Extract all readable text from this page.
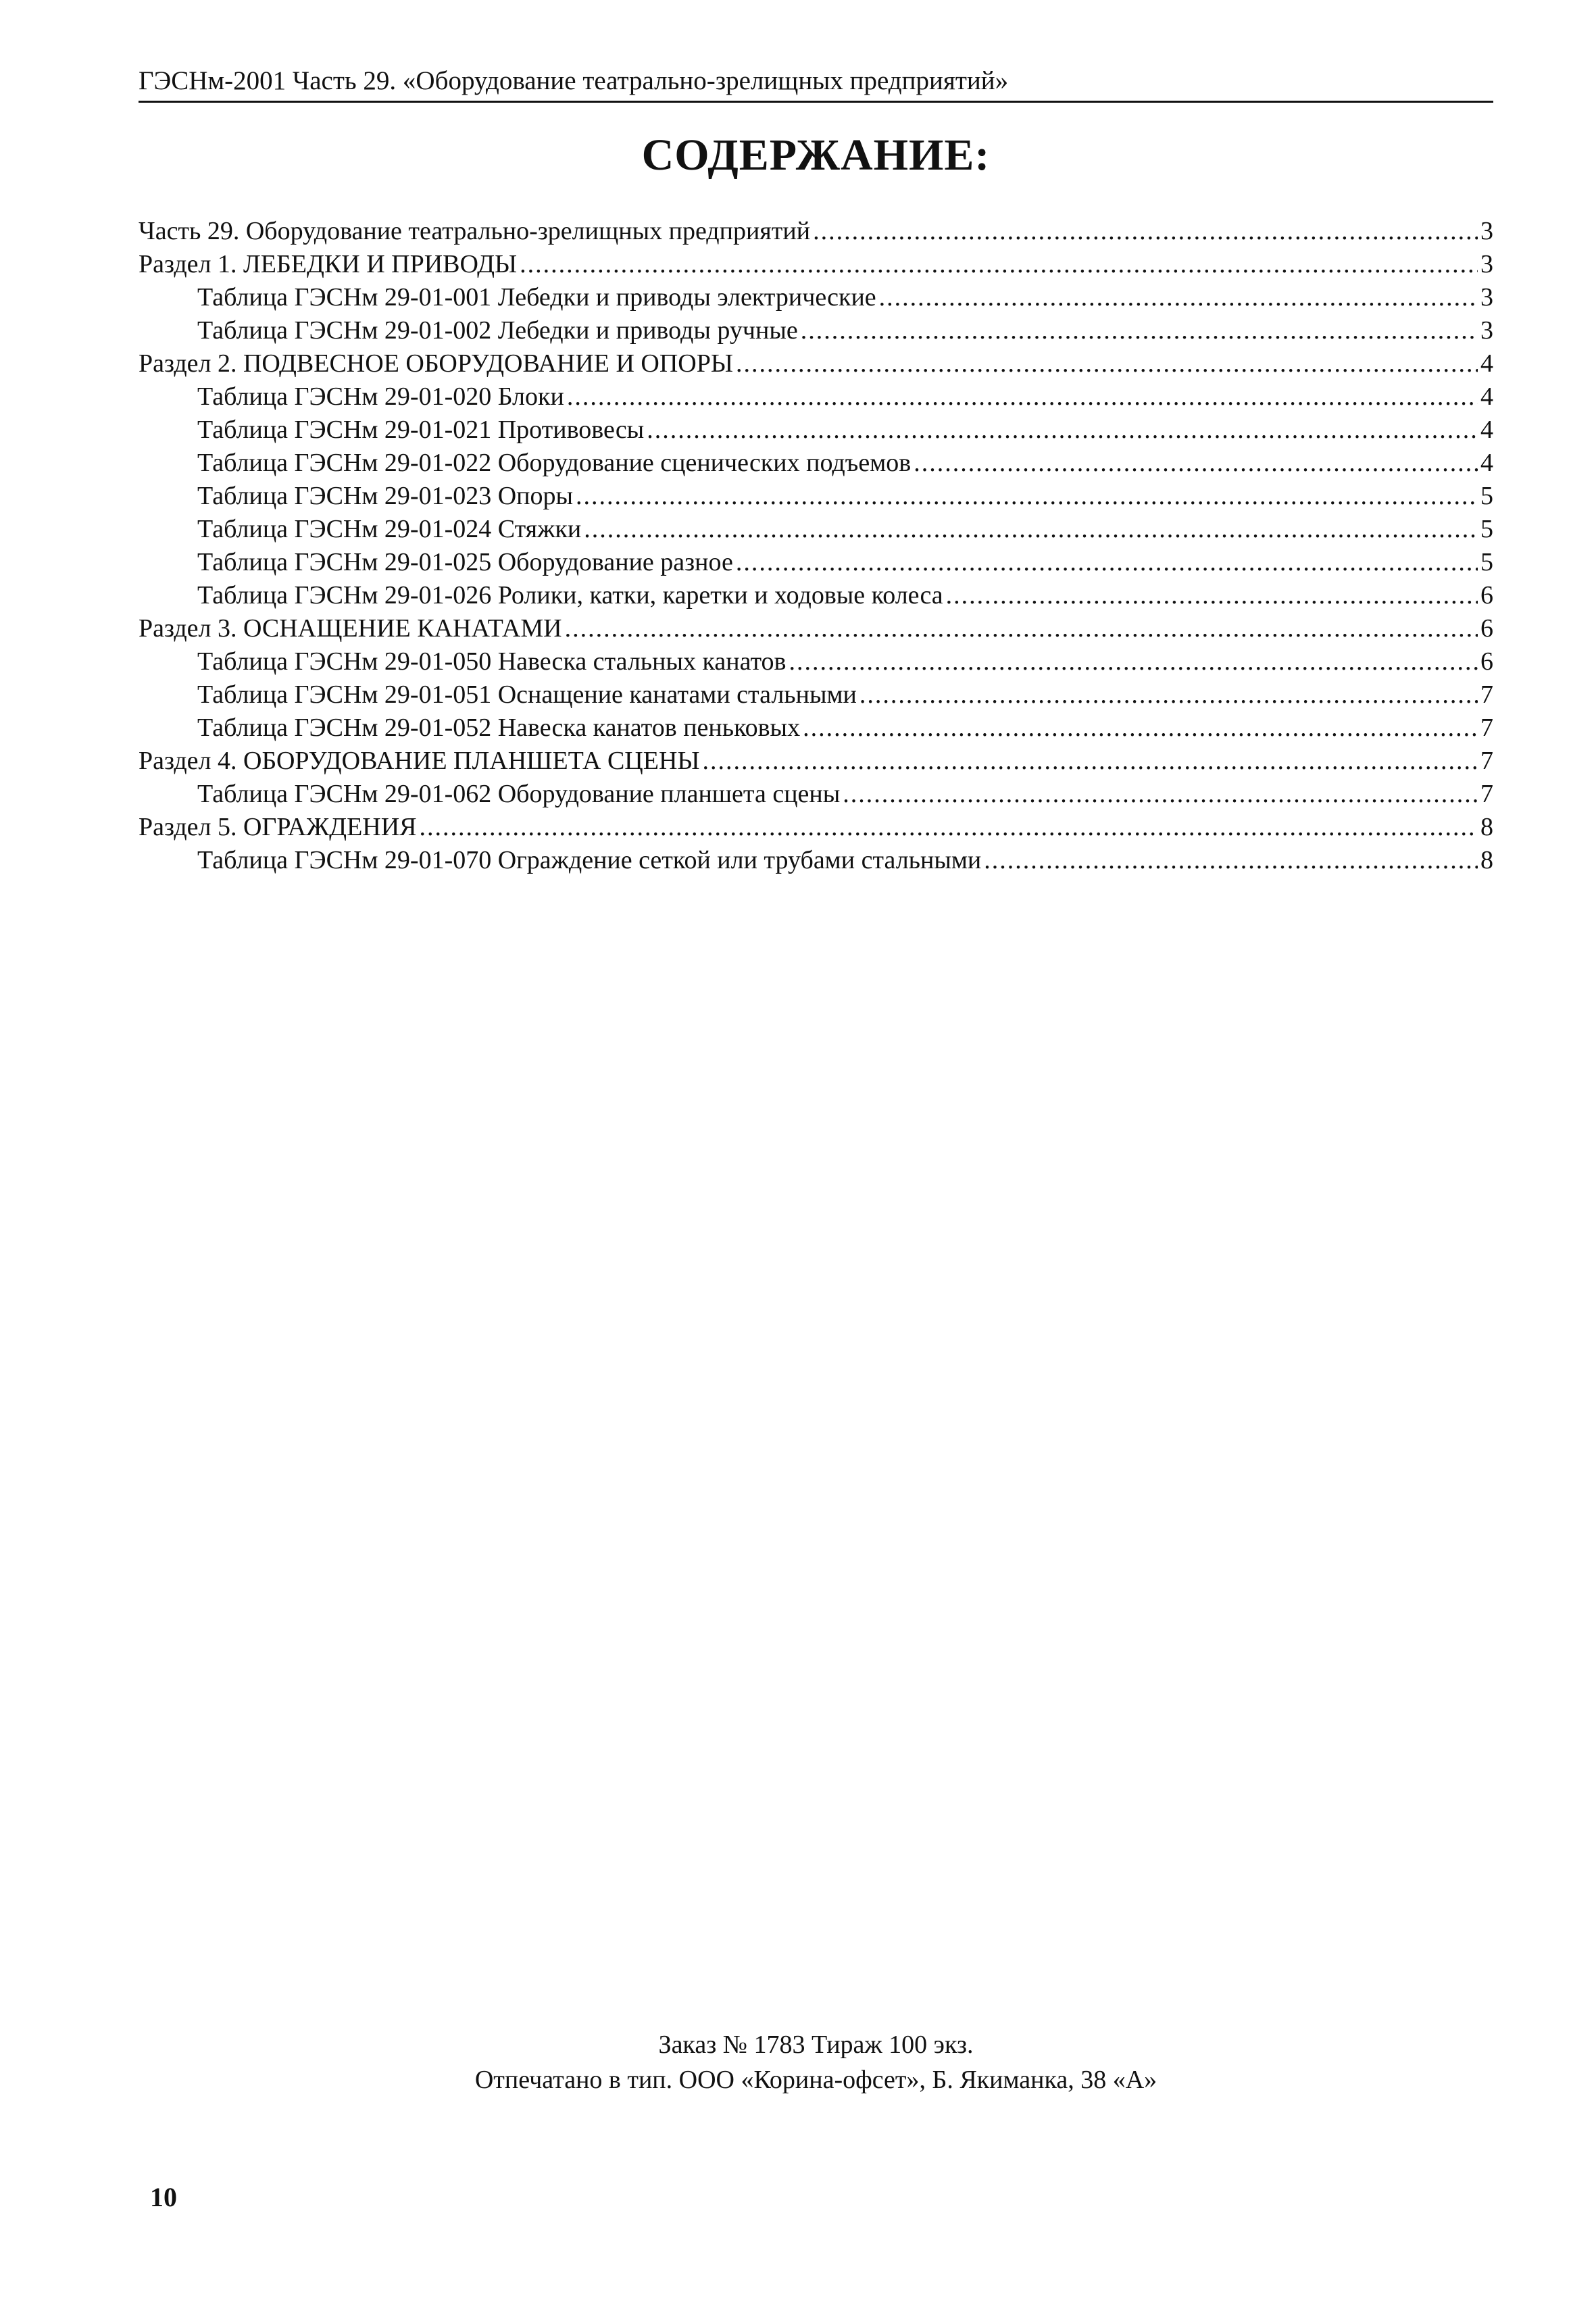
ГЭСНм-2001 Часть 29. «Оборудование театрально-зрелищных предприятий»
СОДЕРЖАНИЕ:
Часть 29. Оборудование театрально-зрелищных предприятий .....	3
Раздел 1. ЛЕБЕДКИ И ПРИВОДЫ .....	3
Таблица ГЭСНм 29-01-001 Лебедки и приводы электрические .....	3
Таблица ГЭСНм 29-01-002 Лебедки и приводы ручные .....	3
Раздел 2. ПОДВЕСНОЕ ОБОРУДОВАНИЕ И ОПОРЫ .....	4
Таблица ГЭСНм 29-01-020 Блоки .....	4
Таблица ГЭСНм 29-01-021 Противовесы .....	4
Таблица ГЭСНм 29-01-022 Оборудование сценических подъемов .....	4
Таблица ГЭСНм 29-01-023 Опоры .....	5
Таблица ГЭСНм 29-01-024 Стяжки .....	5
Таблица ГЭСНм 29-01-025 Оборудование разное .....	5
Таблица ГЭСНм 29-01-026 Ролики, катки, каретки и ходовые колеса .....	6
Раздел 3. ОСНАЩЕНИЕ КАНАТАМИ .....	6
Таблица ГЭСНм 29-01-050 Навеска стальных канатов .....	6
Таблица ГЭСНм 29-01-051 Оснащение канатами стальными .....	7
Таблица ГЭСНм 29-01-052 Навеска канатов пеньковых .....	7
Раздел 4. ОБОРУДОВАНИЕ ПЛАНШЕТА СЦЕНЫ .....	7
Таблица ГЭСНм 29-01-062 Оборудование планшета сцены .....	7
Раздел 5. ОГРАЖДЕНИЯ .....	8
Таблица ГЭСНм 29-01-070 Ограждение сеткой или трубами стальными .....	8
Заказ № 1783 Тираж 100 экз.
Отпечатано в тип. ООО «Корина-офсет», Б. Якиманка, 38 «А»
10
